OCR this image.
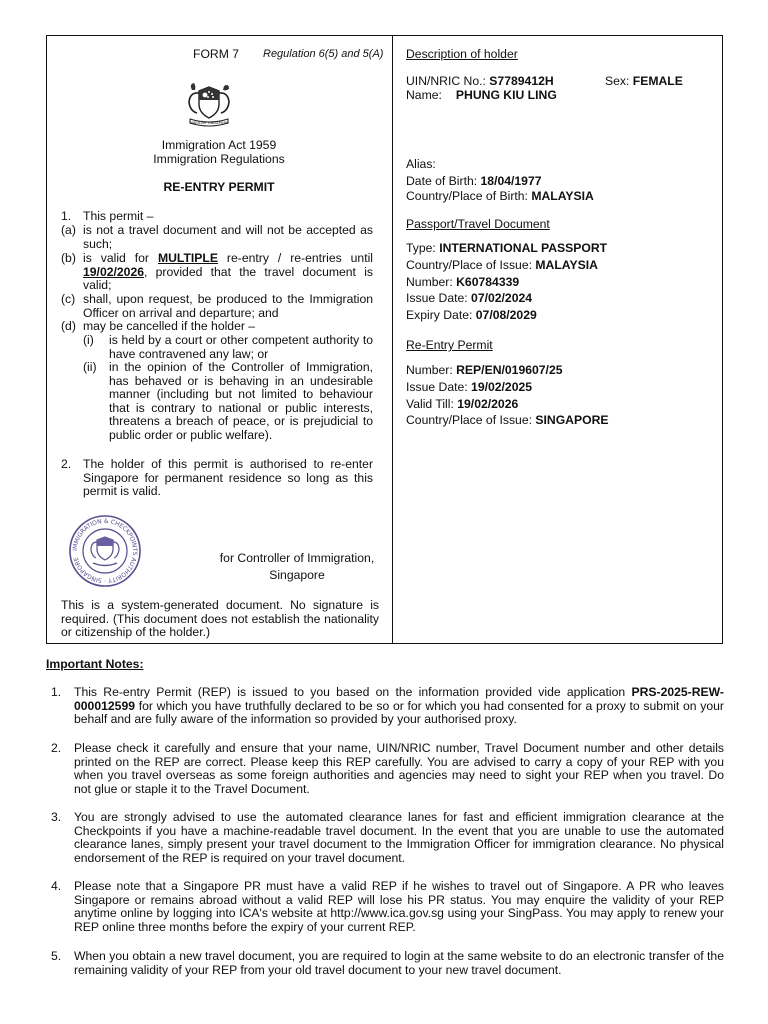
FORM 7 Regulation 6(5) and 5(A)
MAJULAH SINGAPURA
Immigration Act 1959
Immigration Regulations
RE-ENTRY PERMIT
1. This permit –
(a) is not a travel document and will not be accepted as such;
(b) is valid for MULTIPLE re-entry / re-entries until 19/02/2026, provided that the travel document is valid;
(c) shall, upon request, be produced to the Immigration Officer on arrival and departure; and
(d) may be cancelled if the holder –
(i) is held by a court or other competent authority to have contravened any law; or
(ii) in the opinion of the Controller of Immigration, has behaved or is behaving in an undesirable manner (including but not limited to behaviour that is contrary to national or public interests, threatens a breach of peace, or is prejudicial to public order or public welfare).
2. The holder of this permit is authorised to re-enter Singapore for permanent residence so long as this permit is valid.
IMMIGRATION & CHECKPOINTS AUTHORITY · SINGAPORE	for Controller of Immigration,
Singapore
This is a system-generated document. No signature is required. (This document does not establish the nationality or citizenship of the holder.)
Description of holder
UIN/NRIC No.: S7789412H	Sex: FEMALE
Name: PHUNG KIU LING
Alias:
Date of Birth: 18/04/1977
Country/Place of Birth: MALAYSIA
Passport/Travel Document
Type: INTERNATIONAL PASSPORT
Country/Place of Issue: MALAYSIA
Number: K60784339
Issue Date: 07/02/2024
Expiry Date: 07/08/2029
Re-Entry Permit
Number: REP/EN/019607/25
Issue Date: 19/02/2025
Valid Till: 19/02/2026
Country/Place of Issue: SINGAPORE
Important Notes:
1. This Re-entry Permit (REP) is issued to you based on the information provided vide application PRS-2025-REW-000012599 for which you have truthfully declared to be so or for which you had consented for a proxy to submit on your behalf and are fully aware of the information so provided by your authorised proxy.
2. Please check it carefully and ensure that your name, UIN/NRIC number, Travel Document number and other details printed on the REP are correct. Please keep this REP carefully. You are advised to carry a copy of your REP with you when you travel overseas as some foreign authorities and agencies may need to sight your REP when you travel. Do not glue or staple it to the Travel Document.
3. You are strongly advised to use the automated clearance lanes for fast and efficient immigration clearance at the Checkpoints if you have a machine-readable travel document. In the event that you are unable to use the automated clearance lanes, simply present your travel document to the Immigration Officer for immigration clearance. No physical endorsement of the REP is required on your travel document.
4. Please note that a Singapore PR must have a valid REP if he wishes to travel out of Singapore. A PR who leaves Singapore or remains abroad without a valid REP will lose his PR status. You may enquire the validity of your REP anytime online by logging into ICA's website at http://www.ica.gov.sg using your SingPass. You may apply to renew your REP online three months before the expiry of your current REP.
5. When you obtain a new travel document, you are required to login at the same website to do an electronic transfer of the remaining validity of your REP from your old travel document to your new travel document.
